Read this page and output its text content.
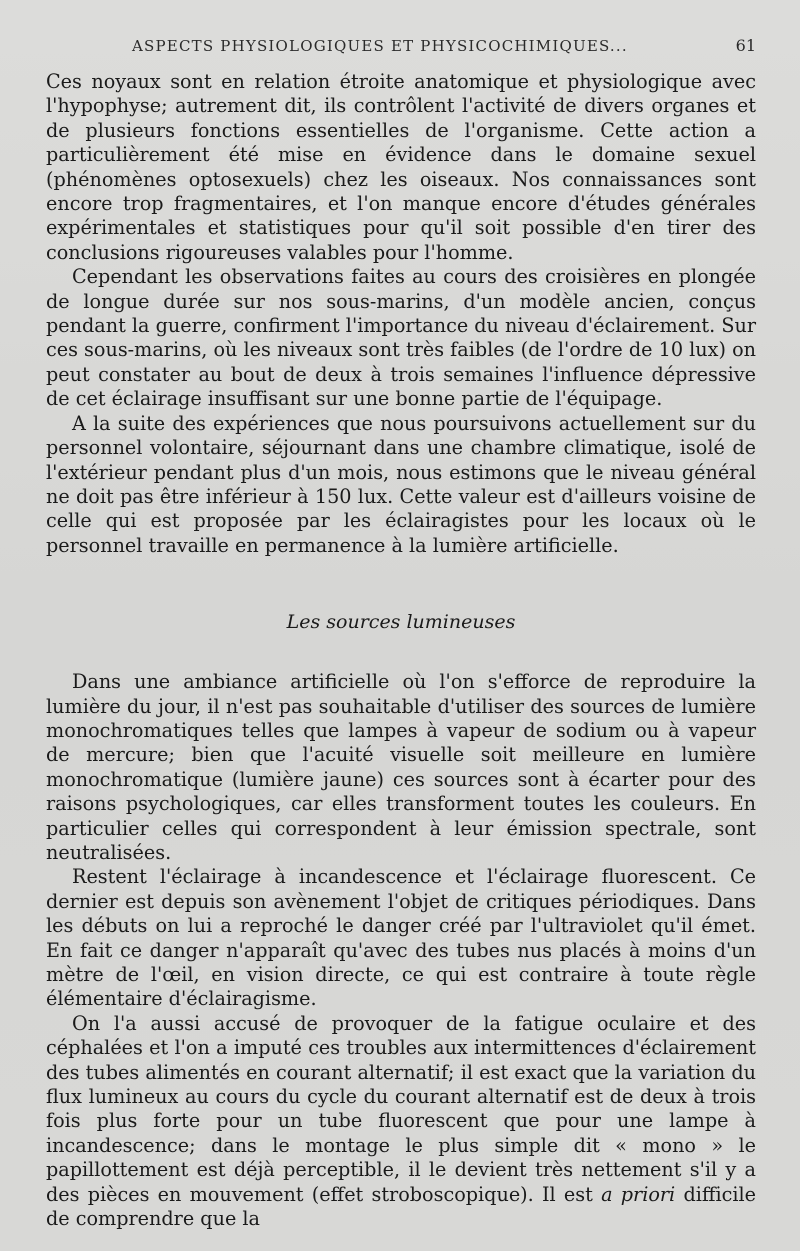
ASPECTS PHYSIOLOGIQUES ET PHYSICOCHIMIQUES...	61

Ces noyaux sont en relation étroite anatomique et physiologique avec l'hypophyse; autrement dit, ils contrôlent l'activité de divers organes et de plusieurs fonctions essentielles de l'organisme. Cette action a particulièrement été mise en évidence dans le domaine sexuel (phénomènes optosexuels) chez les oiseaux. Nos connaissances sont encore trop fragmentaires, et l'on manque encore d'études générales expérimentales et statistiques pour qu'il soit possible d'en tirer des conclusions rigoureuses valables pour l'homme.

Cependant les observations faites au cours des croisières en plongée de longue durée sur nos sous-marins, d'un modèle ancien, conçus pendant la guerre, confirment l'importance du niveau d'éclairement. Sur ces sous-marins, où les niveaux sont très faibles (de l'ordre de 10 lux) on peut constater au bout de deux à trois semaines l'influence dépressive de cet éclairage insuffisant sur une bonne partie de l'équipage.

A la suite des expériences que nous poursuivons actuellement sur du personnel volontaire, séjournant dans une chambre climatique, isolé de l'extérieur pendant plus d'un mois, nous estimons que le niveau général ne doit pas être inférieur à 150 lux. Cette valeur est d'ailleurs voisine de celle qui est proposée par les éclairagistes pour les locaux où le personnel travaille en permanence à la lumière artificielle.

Les sources lumineuses

Dans une ambiance artificielle où l'on s'efforce de reproduire la lumière du jour, il n'est pas souhaitable d'utiliser des sources de lumière monochromatiques telles que lampes à vapeur de sodium ou à vapeur de mercure; bien que l'acuité visuelle soit meilleure en lumière monochromatique (lumière jaune) ces sources sont à écarter pour des raisons psychologiques, car elles transforment toutes les couleurs. En particulier celles qui correspondent à leur émission spectrale, sont neutralisées.

Restent l'éclairage à incandescence et l'éclairage fluorescent. Ce dernier est depuis son avènement l'objet de critiques périodiques. Dans les débuts on lui a reproché le danger créé par l'ultraviolet qu'il émet. En fait ce danger n'apparaît qu'avec des tubes nus placés à moins d'un mètre de l'œil, en vision directe, ce qui est contraire à toute règle élémentaire d'éclairagisme.

On l'a aussi accusé de provoquer de la fatigue oculaire et des céphalées et l'on a imputé ces troubles aux intermittences d'éclairement des tubes alimentés en courant alternatif; il est exact que la variation du flux lumineux au cours du cycle du courant alternatif est de deux à trois fois plus forte pour un tube fluorescent que pour une lampe à incandescence; dans le montage le plus simple dit « mono » le papillottement est déjà perceptible, il le devient très nettement s'il y a des pièces en mouvement (effet stroboscopique). Il est a priori difficile de comprendre que la
